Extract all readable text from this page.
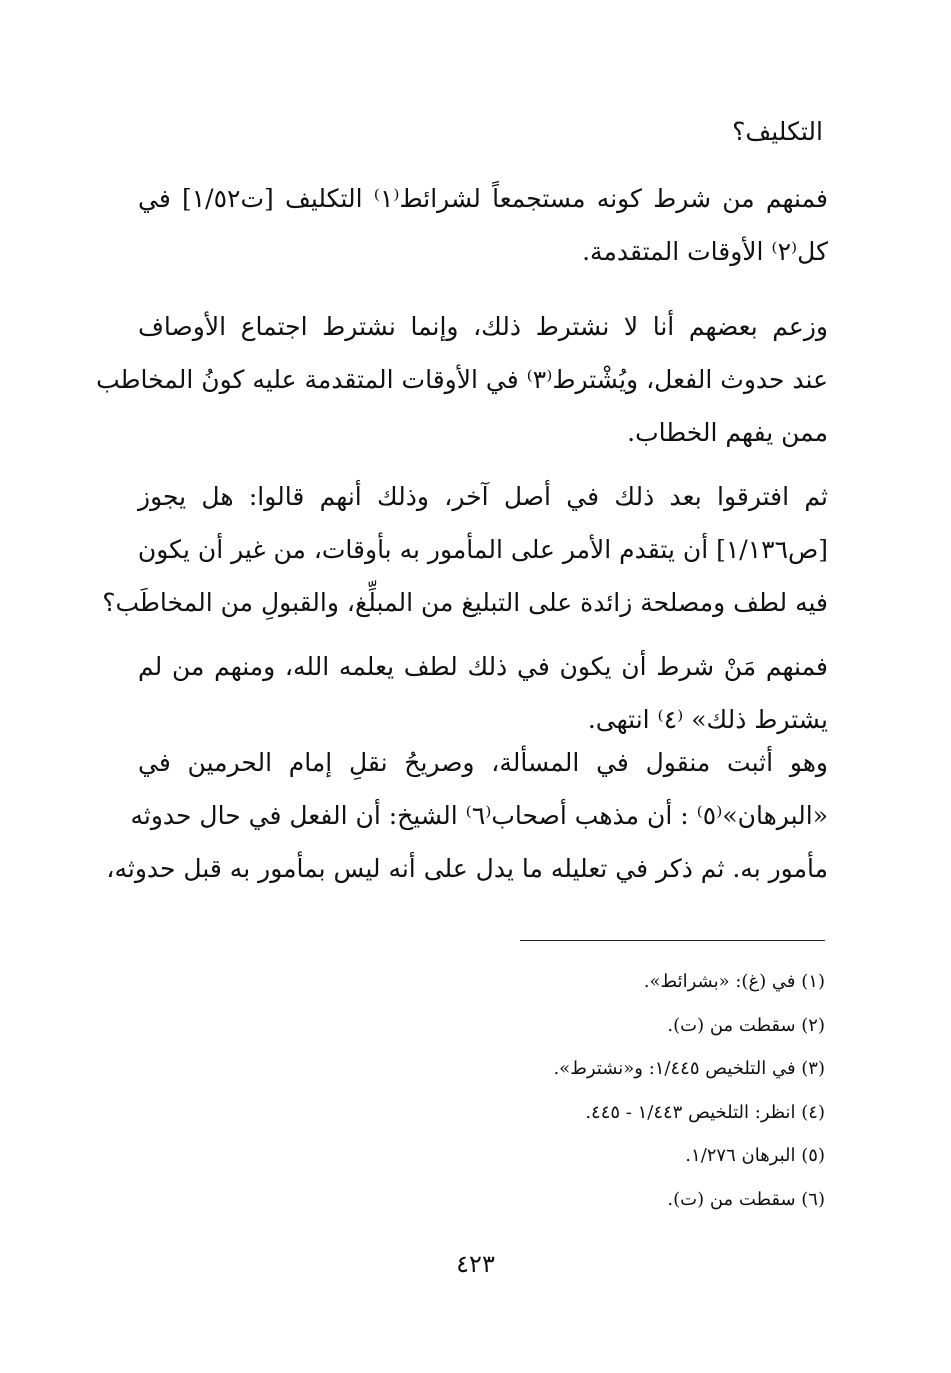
التكليف؟
فمنهم من شرط كونه مستجمعاً لشرائط⁽١⁾ التكليف [ت١/٥٢] في
كل⁽٢⁾ الأوقات المتقدمة.
وزعم بعضهم أنا لا نشترط ذلك، وإنما نشترط اجتماع الأوصاف
عند حدوث الفعل، ويُشْترط⁽٣⁾ في الأوقات المتقدمة عليه كونُ المخاطب
ممن يفهم الخطاب.
ثم افترقوا بعد ذلك في أصل آخر، وذلك أنهم قالوا: هل يجوز
[ص١/١٣٦] أن يتقدم الأمر على المأمور به بأوقات، من غير أن يكون
فيه لطف ومصلحة زائدة على التبليغ من المبلِّغ، والقبولِ من المخاطَب؟
فمنهم مَنْ شرط أن يكون في ذلك لطف يعلمه الله، ومنهم من لم
يشترط ذلك» ⁽٤⁾ انتهى.
وهو أثبت منقول في المسألة، وصريحُ نقلِ إمام الحرمين في
«البرهان»⁽٥⁾ : أن مذهب أصحاب⁽٦⁾ الشيخ: أن الفعل في حال حدوثه
مأمور به. ثم ذكر في تعليله ما يدل على أنه ليس بمأمور به قبل حدوثه،
(١) في (غ): «بشرائط».
(٢) سقطت من (ت).
(٣) في التلخيص ١/٤٤٥: و«نشترط».
(٤) انظر: التلخيص ١/٤٤٣ - ٤٤٥.
(٥) البرهان ١/٢٧٦.
(٦) سقطت من (ت).
٤٢٣
